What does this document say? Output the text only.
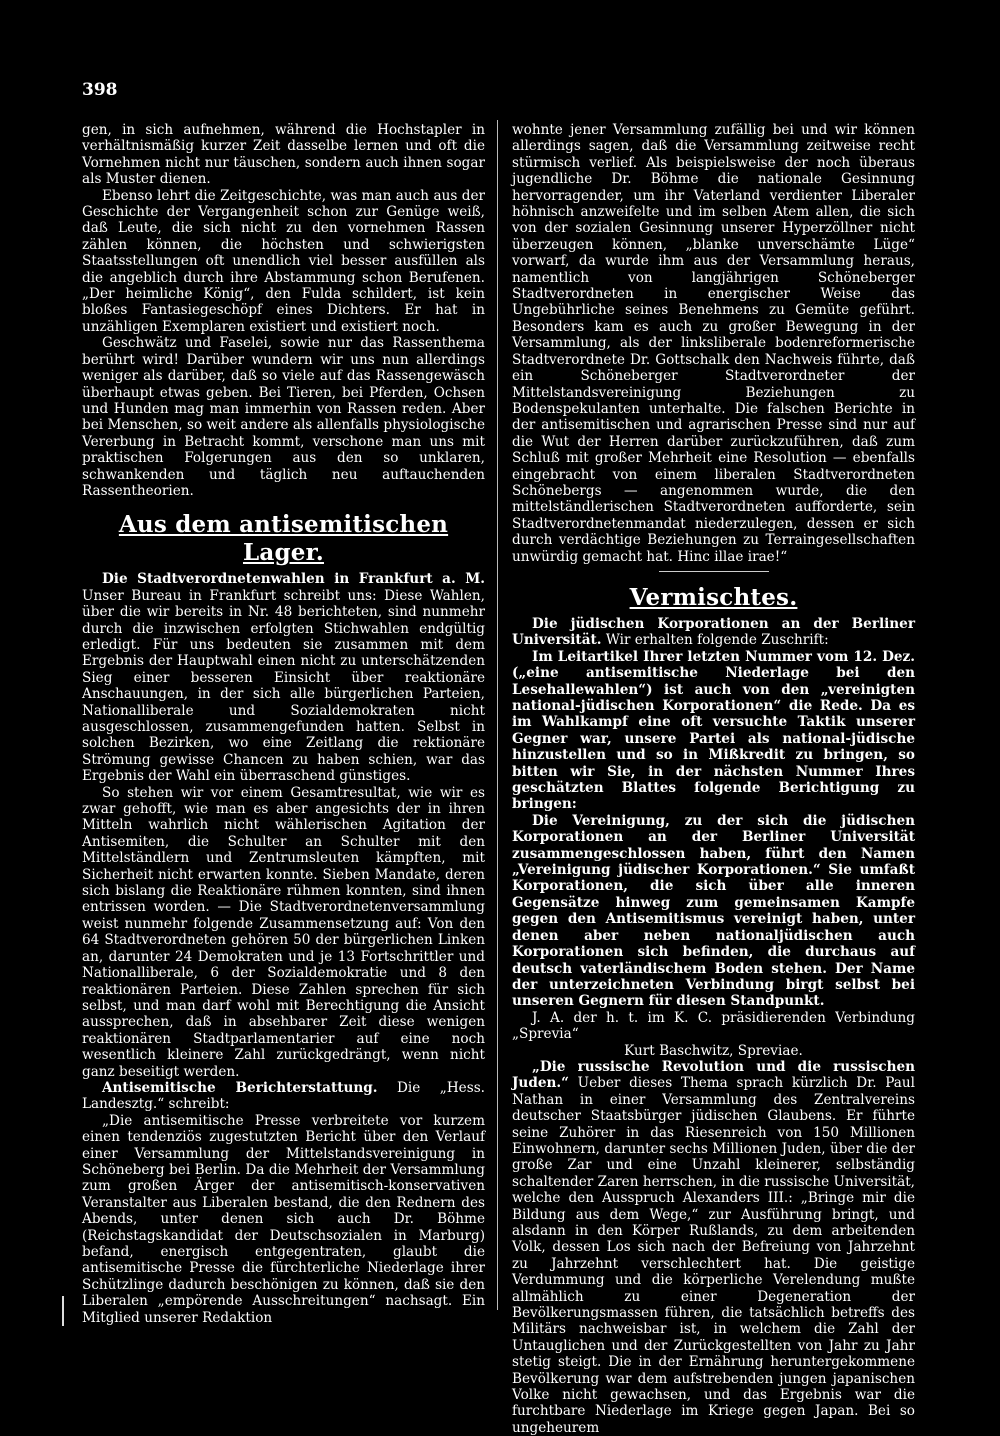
398

gen, in sich aufnehmen, während die Hochstapler in verhältnismäßig kurzer Zeit dasselbe lernen und oft die Vornehmen nicht nur täuschen, sondern auch ihnen sogar als Muster dienen.

Ebenso lehrt die Zeitgeschichte, was man auch aus der Geschichte der Vergangenheit schon zur Genüge weiß, daß Leute, die sich nicht zu den vornehmen Rassen zählen können, die höchsten und schwierigsten Staatsstellungen oft unendlich viel besser ausfüllen als die angeblich durch ihre Abstammung schon Berufenen. „Der heimliche König“, den Fulda schildert, ist kein bloßes Fantasiegeschöpf eines Dichters. Er hat in unzähligen Exemplaren existiert und existiert noch.

Geschwätz und Faselei, sowie nur das Rassenthema berührt wird! Darüber wundern wir uns nun allerdings weniger als darüber, daß so viele auf das Rassengewäsch überhaupt etwas geben. Bei Tieren, bei Pferden, Ochsen und Hunden mag man immerhin von Rassen reden. Aber bei Menschen, so weit andere als allenfalls physiologische Vererbung in Betracht kommt, verschone man uns mit praktischen Folgerungen aus den so unklaren, schwankenden und täglich neu auftauchenden Rassentheorien.

Aus dem antisemitischen Lager.

Die Stadtverordnetenwahlen in Frankfurt a. M. Unser Bureau in Frankfurt schreibt uns: Diese Wahlen, über die wir bereits in Nr. 48 berichteten, sind nunmehr durch die inzwischen erfolgten Stichwahlen endgültig erledigt. Für uns bedeuten sie zusammen mit dem Ergebnis der Hauptwahl einen nicht zu unterschätzenden Sieg einer besseren Einsicht über reaktionäre Anschauungen, in der sich alle bürgerlichen Parteien, Nationalliberale und Sozialdemokraten nicht ausgeschlossen, zusammengefunden hatten. Selbst in solchen Bezirken, wo eine Zeitlang die rektionäre Strömung gewisse Chancen zu haben schien, war das Ergebnis der Wahl ein überraschend günstiges.

So stehen wir vor einem Gesamtresultat, wie wir es zwar gehofft, wie man es aber angesichts der in ihren Mitteln wahrlich nicht wählerischen Agitation der Antisemiten, die Schulter an Schulter mit den Mittelständlern und Zentrumsleuten kämpften, mit Sicherheit nicht erwarten konnte. Sieben Mandate, deren sich bislang die Reaktionäre rühmen konnten, sind ihnen entrissen worden. — Die Stadtverordnetenversammlung weist nunmehr folgende Zusammensetzung auf: Von den 64 Stadtverordneten gehören 50 der bürgerlichen Linken an, darunter 24 Demokraten und je 13 Fortschrittler und Nationalliberale, 6 der Sozialdemokratie und 8 den reaktionären Parteien. Diese Zahlen sprechen für sich selbst, und man darf wohl mit Berechtigung die Ansicht aussprechen, daß in absehbarer Zeit diese wenigen reaktionären Stadtparlamentarier auf eine noch wesentlich kleinere Zahl zurückgedrängt, wenn nicht ganz beseitigt werden.

Antisemitische Berichterstattung. Die „Hess. Landesztg.“ schreibt:

„Die antisemitische Presse verbreitete vor kurzem einen tendenziös zugestutzten Bericht über den Verlauf einer Versammlung der Mittelstandsvereinigung in Schöneberg bei Berlin. Da die Mehrheit der Versammlung zum großen Ärger der antisemitisch-konservativen Veranstalter aus Liberalen bestand, die den Rednern des Abends, unter denen sich auch Dr. Böhme (Reichstagskandidat der Deutschsozialen in Marburg) befand, energisch entgegentraten, glaubt die antisemitische Presse die fürchterliche Niederlage ihrer Schützlinge dadurch beschönigen zu können, daß sie den Liberalen „empörende Ausschreitungen“ nachsagt. Ein Mitglied unserer Redaktion

wohnte jener Versammlung zufällig bei und wir können allerdings sagen, daß die Versammlung zeitweise recht stürmisch verlief. Als beispielsweise der noch überaus jugendliche Dr. Böhme die nationale Gesinnung hervorragender, um ihr Vaterland verdienter Liberaler höhnisch anzweifelte und im selben Atem allen, die sich von der sozialen Gesinnung unserer Hyperzöllner nicht überzeugen können, „blanke unverschämte Lüge“ vorwarf, da wurde ihm aus der Versammlung heraus, namentlich von langjährigen Schöneberger Stadtverordneten in energischer Weise das Ungebührliche seines Benehmens zu Gemüte geführt. Besonders kam es auch zu großer Bewegung in der Versammlung, als der linksliberale bodenreformerische Stadtverordnete Dr. Gottschalk den Nachweis führte, daß ein Schöneberger Stadtverordneter der Mittelstandsvereinigung Beziehungen zu Bodenspekulanten unterhalte. Die falschen Berichte in der antisemitischen und agrarischen Presse sind nur auf die Wut der Herren darüber zurückzuführen, daß zum Schluß mit großer Mehrheit eine Resolution — ebenfalls eingebracht von einem liberalen Stadtverordneten Schönebergs — angenommen wurde, die den mittelständlerischen Stadtverordneten aufforderte, sein Stadtverordnetenmandat niederzulegen, dessen er sich durch verdächtige Beziehungen zu Terraingesellschaften unwürdig gemacht hat. Hinc illae irae!“

Vermischtes.

Die jüdischen Korporationen an der Berliner Universität. Wir erhalten folgende Zuschrift:

Im Leitartikel Ihrer letzten Nummer vom 12. Dez. („eine antisemitische Niederlage bei den Lesehallewahlen“) ist auch von den „vereinigten national-jüdischen Korporationen“ die Rede. Da es im Wahlkampf eine oft versuchte Taktik unserer Gegner war, unsere Partei als national-jüdische hinzustellen und so in Mißkredit zu bringen, so bitten wir Sie, in der nächsten Nummer Ihres geschätzten Blattes folgende Berichtigung zu bringen:

Die Vereinigung, zu der sich die jüdischen Korporationen an der Berliner Universität zusammengeschlossen haben, führt den Namen „Vereinigung jüdischer Korporationen.“ Sie umfaßt Korporationen, die sich über alle inneren Gegensätze hinweg zum gemeinsamen Kampfe gegen den Antisemitismus vereinigt haben, unter denen aber neben nationaljüdischen auch Korporationen sich befinden, die durchaus auf deutsch vaterländischem Boden stehen. Der Name der unterzeichneten Verbindung birgt selbst bei unseren Gegnern für diesen Standpunkt.

J. A. der h. t. im K. C. präsidierenden Verbindung „Sprevia“

Kurt Baschwitz, Spreviae.

„Die russische Revolution und die russischen Juden.“ Ueber dieses Thema sprach kürzlich Dr. Paul Nathan in einer Versammlung des Zentralvereins deutscher Staatsbürger jüdischen Glaubens. Er führte seine Zuhörer in das Riesenreich von 150 Millionen Einwohnern, darunter sechs Millionen Juden, über die der große Zar und eine Unzahl kleinerer, selbständig schaltender Zaren herrschen, in die russische Universität, welche den Ausspruch Alexanders III.: „Bringe mir die Bildung aus dem Wege,“ zur Ausführung bringt, und alsdann in den Körper Rußlands, zu dem arbeitenden Volk, dessen Los sich nach der Befreiung von Jahrzehnt zu Jahrzehnt verschlechtert hat. Die geistige Verdummung und die körperliche Verelendung mußte allmählich zu einer Degeneration der Bevölkerungsmassen führen, die tatsächlich betreffs des Militärs nachweisbar ist, in welchem die Zahl der Untauglichen und der Zurückgestellten von Jahr zu Jahr stetig steigt. Die in der Ernährung heruntergekommene Bevölkerung war dem aufstrebenden jungen japanischen Volke nicht gewachsen, und das Ergebnis war die furchtbare Niederlage im Kriege gegen Japan. Bei so ungeheurem
